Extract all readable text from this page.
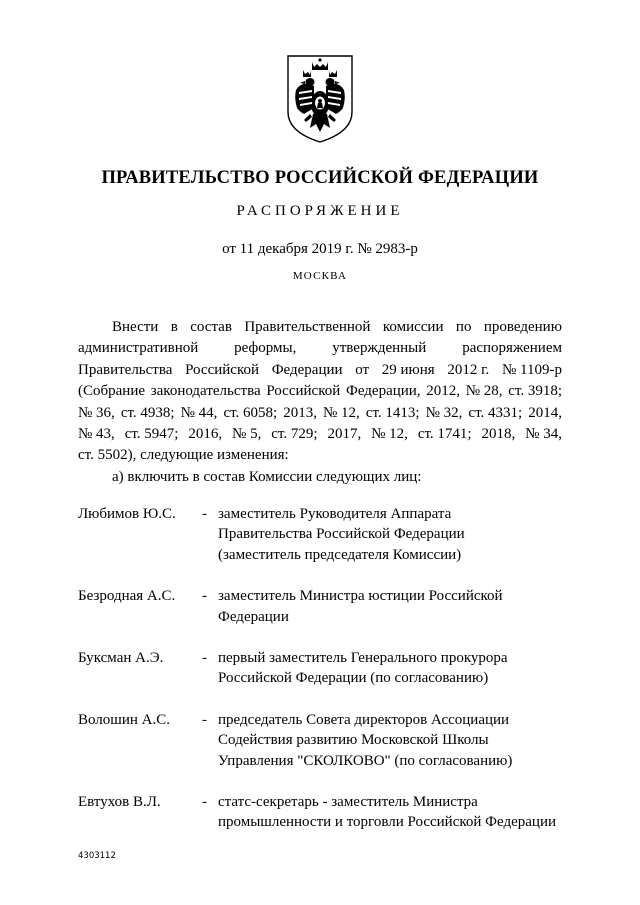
ПРАВИТЕЛЬСТВО РОССИЙСКОЙ ФЕДЕРАЦИИ
РАСПОРЯЖЕНИЕ
от 11 декабря 2019 г. № 2983-р
МОСКВА
Внести в состав Правительственной комиссии по проведению
административной реформы, утвержденный распоряжением
Правительства Российской Федерации от 29 июня 2012 г. № 1109-р
(Собрание законодательства Российской Федерации, 2012, № 28, ст. 3918;
№ 36, ст. 4938; № 44, ст. 6058; 2013, № 12, ст. 1413; № 32, ст. 4331; 2014,
№ 43, ст. 5947; 2016, № 5, ст. 729; 2017, № 12, ст. 1741; 2018, № 34,
ст. 5502), следующие изменения:
а) включить в состав Комиссии следующих лиц:
Любимов Ю.С.	- заместитель Руководителя Аппарата
Правительства Российской Федерации
(заместитель председателя Комиссии)
Безродная А.С.	- заместитель Министра юстиции Российской
Федерации
Буксман А.Э.	- первый заместитель Генерального прокурора
Российской Федерации (по согласованию)
Волошин А.С.	- председатель Совета директоров Ассоциации
Содействия развитию Московской Школы
Управления "СКОЛКОВО" (по согласованию)
Евтухов В.Л.	- статс-секретарь - заместитель Министра
промышленности и торговли Российской Федерации
4303112
